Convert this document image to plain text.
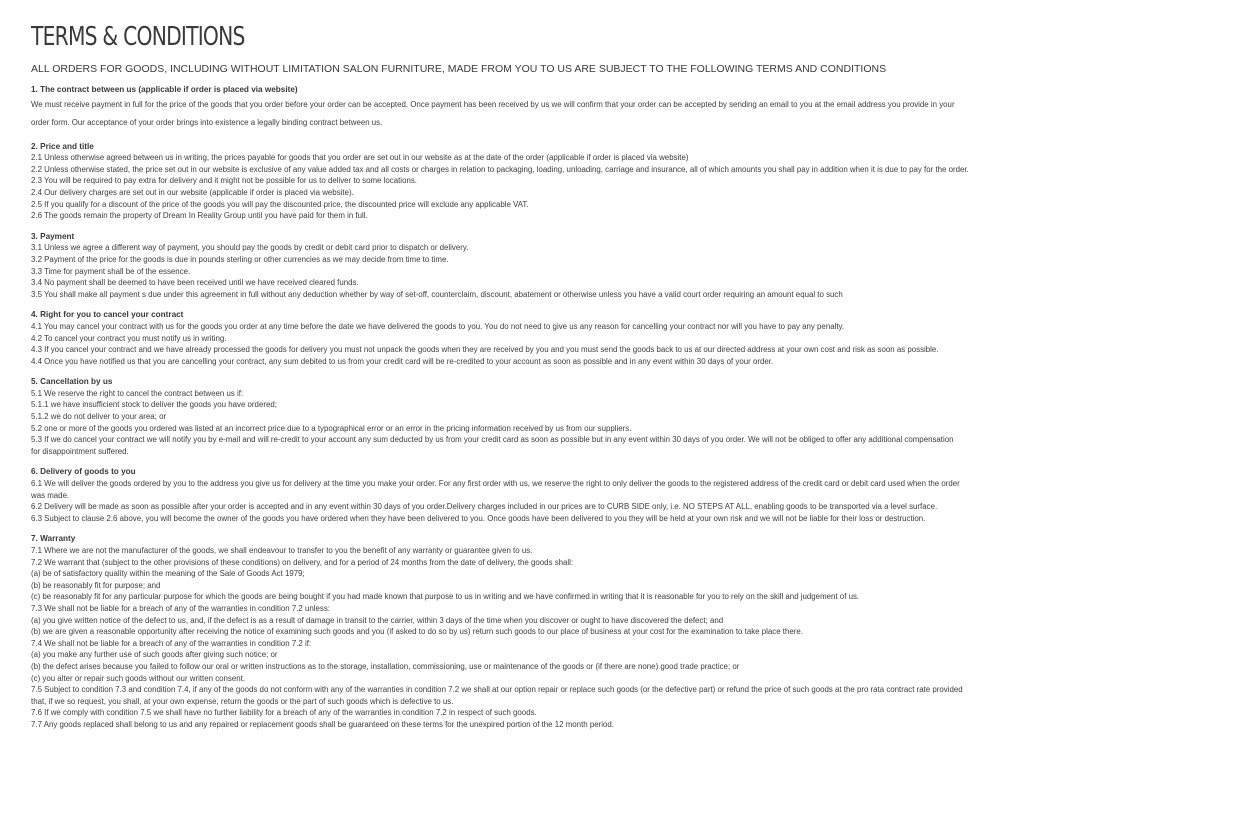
TERMS & CONDITIONS
ALL ORDERS FOR GOODS, INCLUDING WITHOUT LIMITATION SALON FURNITURE, MADE FROM YOU TO US ARE SUBJECT TO THE FOLLOWING TERMS AND CONDITIONS
1. The contract between us (applicable if order is placed via website)
We must receive payment in full for the price of the goods that you order before your order can be accepted. Once payment has been received by us we will confirm that your order can be accepted by sending an email to you at the email address you provide in your
order form. Our acceptance of your order brings into existence a legally binding contract between us.
2. Price and title
2.1 Unless otherwise agreed between us in writing, the prices payable for goods that you order are set out in our website as at the date of the order (applicable if order is placed via website)
2.2 Unless otherwise stated, the price set out in our website is exclusive of any value added tax and all costs or charges in relation to packaging, loading, unloading, carriage and insurance, all of which amounts you shall pay in addition when it is due to pay for the order.
2.3 You will be required to pay extra for delivery and it might not be possible for us to deliver to some locations.
2.4 Our delivery charges are set out in our website (applicable if order is placed via website).
2.5 If you qualify for a discount of the price of the goods you will pay the discounted price, the discounted price will exclude any applicable VAT.
2.6 The goods remain the property of Dream In Reality Group until you have paid for them in full.
3. Payment
3.1 Unless we agree a different way of payment, you should pay the goods by credit or debit card prior to dispatch or delivery.
3.2 Payment of the price for the goods is due in pounds sterling or other currencies as we may decide from time to time.
3.3 Time for payment shall be of the essence.
3.4 No payment shall be deemed to have been received until we have received cleared funds.
3.5 You shall make all payment s due under this agreement in full without any deduction whether by way of set-off, counterclaim, discount, abatement or otherwise unless you have a valid court order requiring an amount equal to such
4. Right for you to cancel your contract
4.1 You may cancel your contract with us for the goods you order at any time before the date we have delivered the goods to you. You do not need to give us any reason for cancelling your contract nor will you have to pay any penalty.
4.2 To cancel your contract you must notify us in writing.
4.3 If you cancel your contract and we have already processed the goods for delivery you must not unpack the goods when they are received by you and you must send the goods back to us at our directed address at your own cost and risk as soon as possible.
4.4 Once you have notified us that you are cancelling your contract, any sum debited to us from your credit card will be re-credited to your account as soon as possible and in any event within 30 days of your order.
5. Cancellation by us
5.1 We reserve the right to cancel the contract between us if:
5.1.1 we have insufficient stock to deliver the goods you have ordered;
5.1.2 we do not deliver to your area; or
5.2 one or more of the goods you ordered was listed at an incorrect price due to a typographical error or an error in the pricing information received by us from our suppliers.
5.3 If we do cancel your contract we will notify you by e-mail and will re-credit to your account any sum deducted by us from your credit card as soon as possible but in any event within 30 days of you order. We will not be obliged to offer any additional compensation
for disappointment suffered.
6. Delivery of goods to you
6.1 We will deliver the goods ordered by you to the address you give us for delivery at the time you make your order. For any first order with us, we reserve the right to only deliver the goods to the registered address of the credit card or debit card used when the order
was made.
6.2 Delivery will be made as soon as possible after your order is accepted and in any event within 30 days of you order.Delivery charges included in our prices are to CURB SIDE only, i.e. NO STEPS AT ALL, enabling goods to be transported via a level surface.
6.3 Subject to clause 2.6 above, you will become the owner of the goods you have ordered when they have been delivered to you. Once goods have been delivered to you they will be held at your own risk and we will not be liable for their loss or destruction.
7. Warranty
7.1 Where we are not the manufacturer of the goods, we shall endeavour to transfer to you the benefit of any warranty or guarantee given to us.
7.2 We warrant that (subject to the other provisions of these conditions) on delivery, and for a period of 24 months from the date of delivery, the goods shall:
(a) be of satisfactory quality within the meaning of the Sale of Goods Act 1979;
(b) be reasonably fit for purpose; and
(c) be reasonably fit for any particular purpose for which the goods are being bought if you had made known that purpose to us in writing and we have confirmed in writing that it is reasonable for you to rely on the skill and judgement of us.
7.3 We shall not be liable for a breach of any of the warranties in condition 7.2 unless:
(a) you give written notice of the defect to us, and, if the defect is as a result of damage in transit to the carrier, within 3 days of the time when you discover or ought to have discovered the defect; and
(b) we are given a reasonable opportunity after receiving the notice of examining such goods and you (if asked to do so by us) return such goods to our place of business at your cost for the examination to take place there.
7.4 We shall not be liable for a breach of any of the warranties in condition 7.2 if:
(a) you make any further use of such goods after giving such notice; or
(b) the defect arises because you failed to follow our oral or written instructions as to the storage, installation, commissioning, use or maintenance of the goods or (if there are none) good trade practice; or
(c) you alter or repair such goods without our written consent.
7.5 Subject to condition 7.3 and condition 7.4, if any of the goods do not conform with any of the warranties in condition 7.2 we shall at our option repair or replace such goods (or the defective part) or refund the price of such goods at the pro rata contract rate provided
that, if we so request, you shall, at your own expense, return the goods or the part of such goods which is defective to us.
7.6 If we comply with condition 7.5 we shall have no further liability for a breach of any of the warranties in condition 7.2 in respect of such goods.
7.7 Any goods replaced shall belong to us and any repaired or replacement goods shall be guaranteed on these terms for the unexpired portion of the 12 month period.
